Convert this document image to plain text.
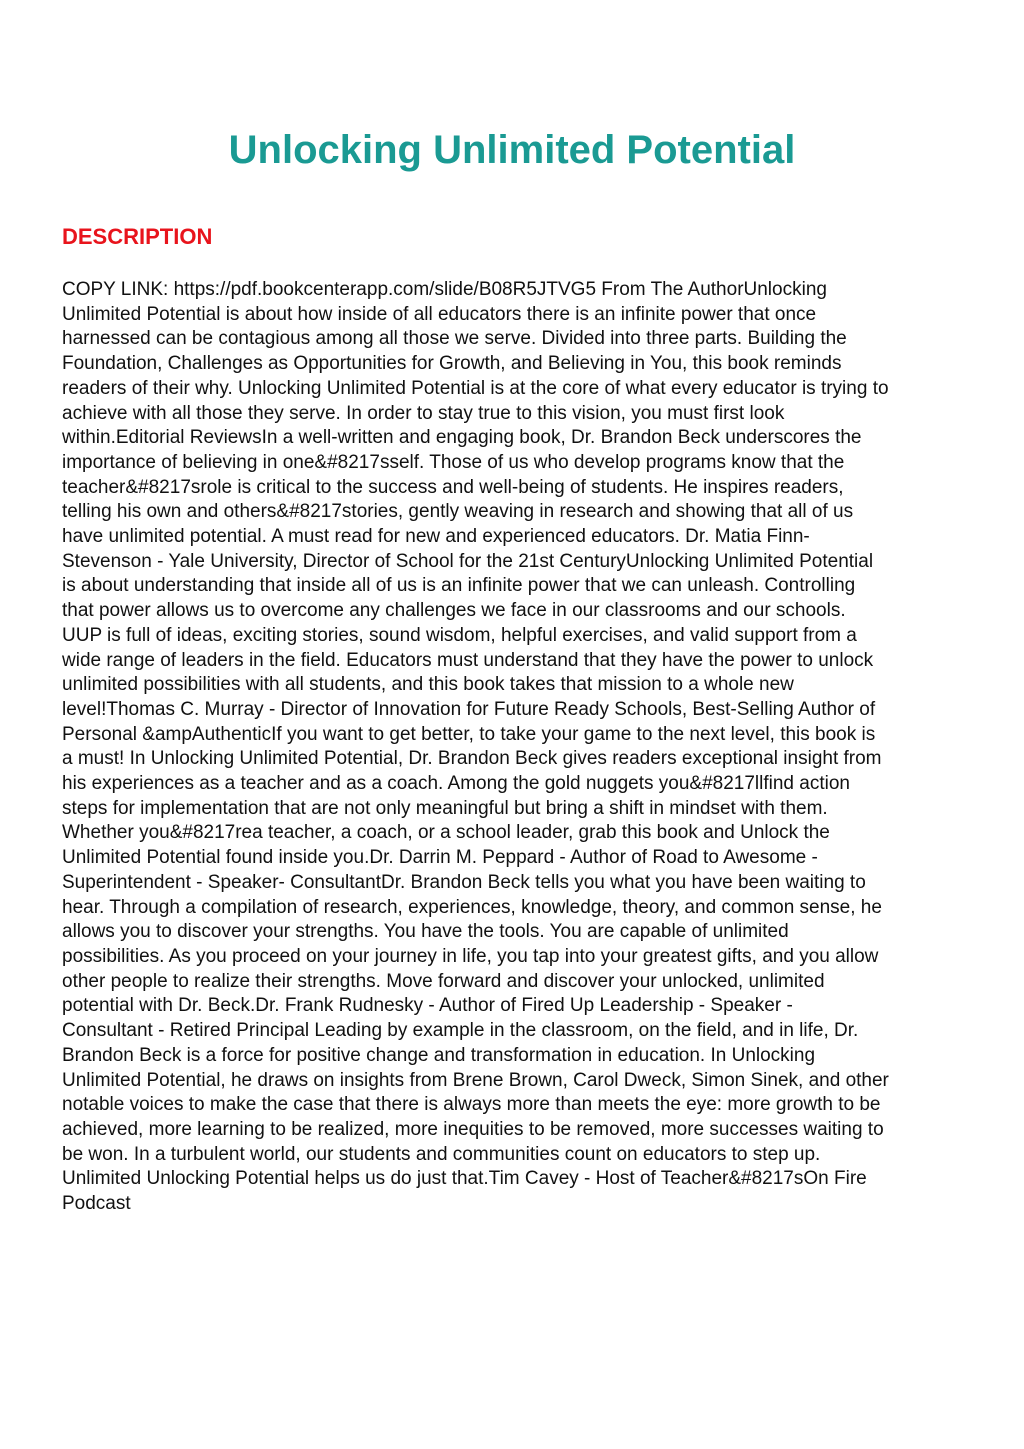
Unlocking Unlimited Potential
DESCRIPTION
COPY LINK: https://pdf.bookcenterapp.com/slide/B08R5JTVG5 From The AuthorUnlocking
Unlimited Potential is about how inside of all educators there is an infinite power that once
harnessed can be contagious among all those we serve. Divided into three parts. Building the
Foundation, Challenges as Opportunities for Growth, and Believing in You, this book reminds
readers of their why. Unlocking Unlimited Potential is at the core of what every educator is trying to
achieve with all those they serve. In order to stay true to this vision, you must first look
within.Editorial ReviewsIn a well-written and engaging book, Dr. Brandon Beck underscores the
importance of believing in one&#8217sself. Those of us who develop programs know that the
teacher&#8217srole is critical to the success and well-being of students. He inspires readers,
telling his own and others&#8217stories, gently weaving in research and showing that all of us
have unlimited potential. A must read for new and experienced educators. Dr. Matia Finn-
Stevenson - Yale University, Director of School for the 21st CenturyUnlocking Unlimited Potential
is about understanding that inside all of us is an infinite power that we can unleash. Controlling
that power allows us to overcome any challenges we face in our classrooms and our schools.
UUP is full of ideas, exciting stories, sound wisdom, helpful exercises, and valid support from a
wide range of leaders in the field. Educators must understand that they have the power to unlock
unlimited possibilities with all students, and this book takes that mission to a whole new
level!Thomas C. Murray - Director of Innovation for Future Ready Schools, Best-Selling Author of
Personal &ampAuthenticIf you want to get better, to take your game to the next level, this book is
a must! In Unlocking Unlimited Potential, Dr. Brandon Beck gives readers exceptional insight from
his experiences as a teacher and as a coach. Among the gold nuggets you&#8217llfind action
steps for implementation that are not only meaningful but bring a shift in mindset with them.
Whether you&#8217rea teacher, a coach, or a school leader, grab this book and Unlock the
Unlimited Potential found inside you.Dr. Darrin M. Peppard - Author of Road to Awesome -
Superintendent - Speaker- ConsultantDr. Brandon Beck tells you what you have been waiting to
hear. Through a compilation of research, experiences, knowledge, theory, and common sense, he
allows you to discover your strengths. You have the tools. You are capable of unlimited
possibilities. As you proceed on your journey in life, you tap into your greatest gifts, and you allow
other people to realize their strengths. Move forward and discover your unlocked, unlimited
potential with Dr. Beck.Dr. Frank Rudnesky - Author of Fired Up Leadership - Speaker -
Consultant - Retired Principal Leading by example in the classroom, on the field, and in life, Dr.
Brandon Beck is a force for positive change and transformation in education. In Unlocking
Unlimited Potential, he draws on insights from Brene Brown, Carol Dweck, Simon Sinek, and other
notable voices to make the case that there is always more than meets the eye: more growth to be
achieved, more learning to be realized, more inequities to be removed, more successes waiting to
be won. In a turbulent world, our students and communities count on educators to step up.
Unlimited Unlocking Potential helps us do just that.Tim Cavey - Host of Teacher&#8217sOn Fire
Podcast
